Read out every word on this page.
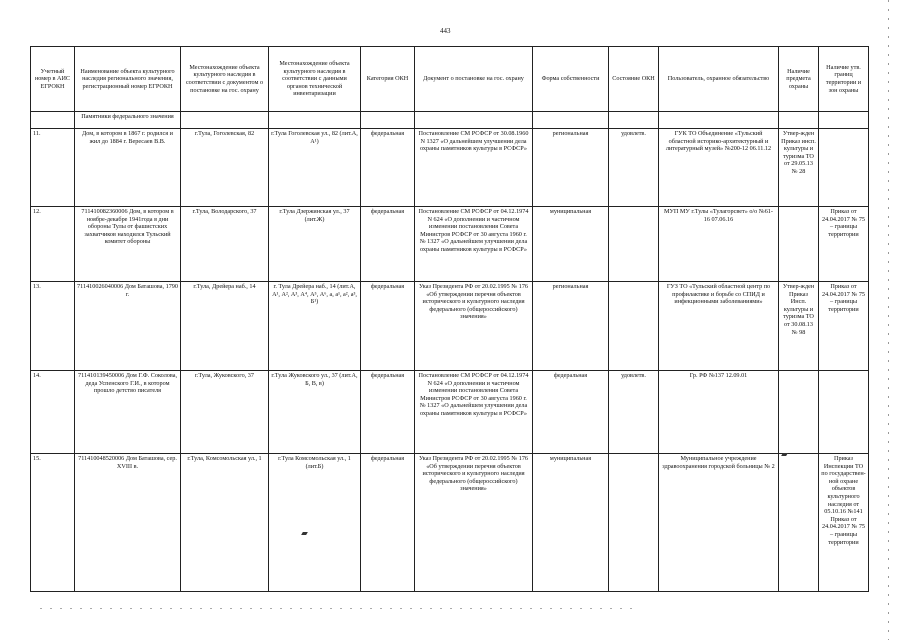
443
Учетный номер в АИС ЕГРОКН	Наименование объекта культурного наследия регионального значения, регистрационный номер ЕГРОКН	Местонахождение объекта культурного наследия в соответствии с документом о постановке на гос. охрану	Местонахождение объекта культурного наследия в соответствии с данными органов технической инвентаризации	Категория ОКН	Документ о постановке на гос. охрану	Форма собственности	Состояние ОКН	Пользователь, охранное обязательство	Наличие предмета охраны	Наличие утв. границ территории и зон охраны
	Памятники федерального значения									
11.	Дом, в котором в 1867 г. родился и жил до 1884 г. Вересаев В.В.	г.Тула, Гоголевская, 82	г.Тула Гоголевская ул., 82 (лит.А, А¹)	федеральная	Постановление СМ РСФСР от 30.08.1960 N 1327 «О дальнейшем улучшении дела охраны памятников культуры в РСФСР»	региональная	удовлетв.	ГУК ТО Объединение «Тульский областной историко-архитектурный и литературный музей» №200-12 06.11.12	Утвер-жден Приказ инсп. культуры и туризма ТО от 29.05.13 № 28	
12.	711410082360006 Дом, в котором в ноябре-декабре 1941года в дни обороны Тулы от фашистских захватчиков находился Тульский комитет обороны	г.Тула, Володарского, 37	г.Тула Дзержинская ул., 37 (лит.Ж)	федеральная	Постановление СМ РСФСР от 04.12.1974 N 624 «О дополнении и частичном изменении постановления Совета Министров РСФСР от 30 августа 1960 г. № 1327 «О дальнейшем улучшении дела охраны памятников культуры в РСФСР»	муниципальная		МУП МУ г.Тулы «Тулагорсвет» о/о №61-16 07.06.16		Приказ от 24.04.2017 № 75 – границы территории
13.	711410026040006 Дом Баташова, 1790 г.	г.Тула, Дрейера наб., 14	г. Тула Дрейера наб., 14 (лит.А, А¹, А², А³, А⁴, А⁵, А⁶, а, а¹, а², а³, Б¹)	федеральная	Указ Президента РФ от 20.02.1995 № 176 «Об утверждении перечня объектов исторического и культурного наследия федерального (общероссийского) значения»	региональная		ГУЗ ТО «Тульский областной центр по профилактике и борьбе со СПИД и инфекционными заболеваниями»	Утвер-жден Приказ Инсп. культуры и туризма ТО от 30.08.13 № 98	Приказ от 24.04.2017 № 75 – границы территории
14.	711410139450006 Дом Г.Ф. Соколова, деда Успенского Г.И., в котором прошло детство писателя	г.Тула, Жуковского, 37	г.Тула Жуковского ул., 37 (лит.А, Б, В, в)	федеральная	Постановление СМ РСФСР от 04.12.1974 N 624 «О дополнении и частичном изменении постановления Совета Министров РСФСР от 30 августа 1960 г. № 1327 «О дальнейшем улучшении дела охраны памятников культуры в РСФСР»	федеральная	удовлетв.	Гр. РФ №137 12.09.01		
15.	711410048520006 Дом Баташова, сер. XVIII в.	г.Тула, Комсомольская ул., 1	г.Тула Комсомольская ул., 1 (лит.Б)	федеральная	Указ Президента РФ от 20.02.1995 № 176 «Об утверждении перечня объектов исторического и культурного наследия федерального (общероссийского) значения»	муниципальная		Муниципальное учреждение здравоохранения городской больницы № 2		Приказ Инспекции ТО по государствен-ной охране объектов культурного наследия от 05.10.16 №141 Приказ от 24.04.2017 № 75 – границы территории
